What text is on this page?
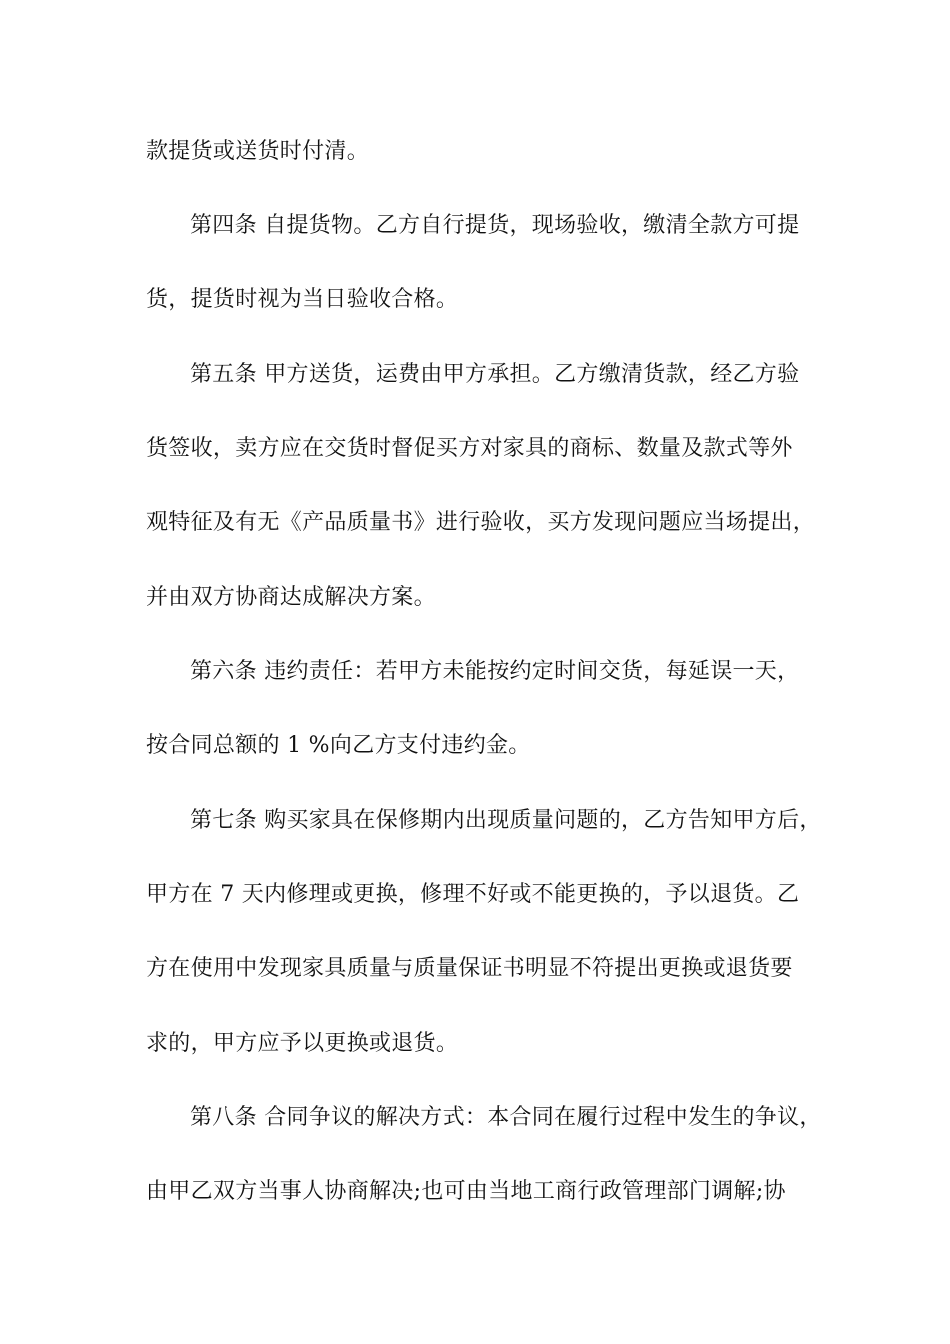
款提货或送货时付清。
第四条 自提货物。乙方自行提货，现场验收，缴清全款方可提
货，提货时视为当日验收合格。
第五条 甲方送货，运费由甲方承担。乙方缴清货款，经乙方验
货签收，卖方应在交货时督促买方对家具的商标、数量及款式等外
观特征及有无《产品质量书》进行验收，买方发现问题应当场提出，
并由双方协商达成解决方案。
第六条 违约责任：若甲方未能按约定时间交货，每延误一天，
按合同总额的 1 %向乙方支付违约金。
第七条 购买家具在保修期内出现质量问题的，乙方告知甲方后，
甲方在 7 天内修理或更换，修理不好或不能更换的，予以退货。乙
方在使用中发现家具质量与质量保证书明显不符提出更换或退货要
求的，甲方应予以更换或退货。
第八条 合同争议的解决方式：本合同在履行过程中发生的争议，
由甲乙双方当事人协商解决;也可由当地工商行政管理部门调解;协
